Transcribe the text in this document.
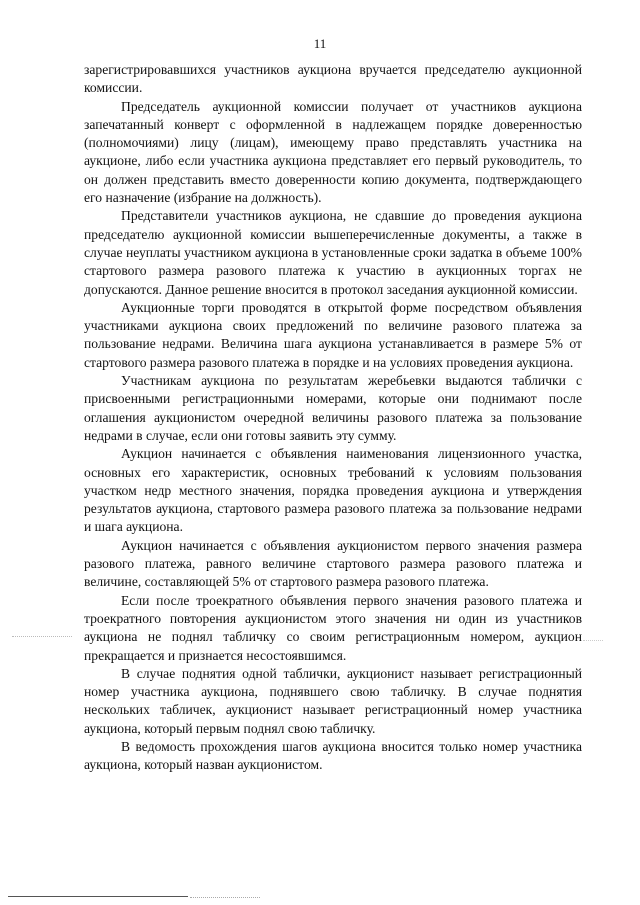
11

зарегистрировавшихся участников аукциона вручается председателю аукционной комиссии.

Председатель аукционной комиссии получает от участников аукциона запечатанный конверт с оформленной в надлежащем порядке доверенностью (полномочиями) лицу (лицам), имеющему право представлять участника на аукционе, либо если участника аукциона представляет его первый руководитель, то он должен представить вместо доверенности копию документа, подтверждающего его назначение (избрание на должность).

Представители участников аукциона, не сдавшие до проведения аукциона председателю аукционной комиссии вышеперечисленные документы, а также в случае неуплаты участником аукциона в установленные сроки задатка в объеме 100% стартового размера разового платежа к участию в аукционных торгах не допускаются. Данное решение вносится в протокол заседания аукционной комиссии.

Аукционные торги проводятся в открытой форме посредством объявления участниками аукциона своих предложений по величине разового платежа за пользование недрами. Величина шага аукциона устанавливается в размере 5% от стартового размера разового платежа в порядке и на условиях проведения аукциона.

Участникам аукциона по результатам жеребьевки выдаются таблички с присвоенными регистрационными номерами, которые они поднимают после оглашения аукционистом очередной величины разового платежа за пользование недрами в случае, если они готовы заявить эту сумму.

Аукцион начинается с объявления наименования лицензионного участка, основных его характеристик, основных требований к условиям пользования участком недр местного значения, порядка проведения аукциона и утверждения результатов аукциона, стартового размера разового платежа за пользование недрами и шага аукциона.

Аукцион начинается с объявления аукционистом первого значения размера разового платежа, равного величине стартового размера разового платежа и величине, составляющей 5% от стартового размера разового платежа.

Если после троекратного объявления первого значения разового платежа и троекратного повторения аукционистом этого значения ни один из участников аукциона не поднял табличку со своим регистрационным номером, аукцион прекращается и признается несостоявшимся.

В случае поднятия одной таблички, аукционист называет регистрационный номер участника аукциона, поднявшего свою табличку. В случае поднятия нескольких табличек, аукционист называет регистрационный номер участника аукциона, который первым поднял свою табличку.

В ведомость прохождения шагов аукциона вносится только номер участника аукциона, который назван аукционистом.
